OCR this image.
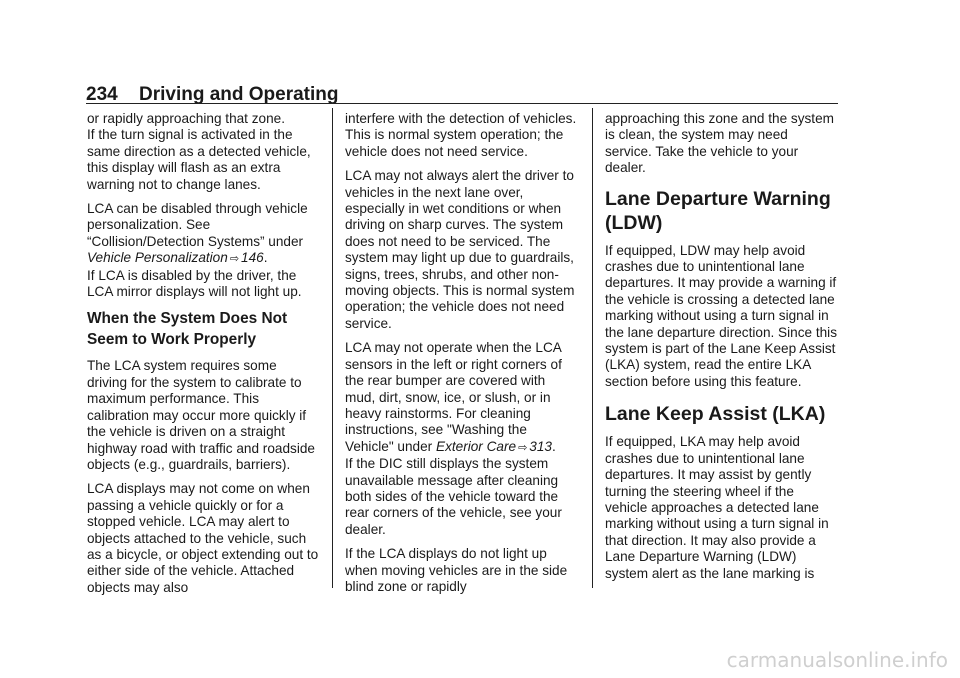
234 Driving and Operating

or rapidly approaching that zone.

If the turn signal is activated in the same direction as a detected vehicle, this display will flash as an extra warning not to change lanes.

LCA can be disabled through vehicle personalization. See “Collision/Detection Systems” under
Vehicle Personalization ⇨ 146.

If LCA is disabled by the driver, the LCA mirror displays will not light up.

When the System Does Not Seem to Work Properly

The LCA system requires some driving for the system to calibrate to maximum performance. This calibration may occur more quickly if the vehicle is driven on a straight highway road with traffic and roadside objects (e.g., guardrails, barriers).

LCA displays may not come on when passing a vehicle quickly or for a stopped vehicle. LCA may alert to objects attached to the vehicle, such as a bicycle, or object extending out to either side of the vehicle. Attached objects may also

interfere with the detection of vehicles. This is normal system operation; the vehicle does not need service.

LCA may not always alert the driver to vehicles in the next lane over, especially in wet conditions or when driving on sharp curves. The system does not need to be serviced. The system may light up due to guardrails, signs, trees, shrubs, and other non-moving objects. This is normal system operation; the vehicle does not need service.

LCA may not operate when the LCA sensors in the left or right corners of the rear bumper are covered with mud, dirt, snow, ice, or slush, or in heavy rainstorms. For cleaning instructions, see "Washing the Vehicle" under Exterior Care ⇨ 313.

If the DIC still displays the system unavailable message after cleaning both sides of the vehicle toward the rear corners of the vehicle, see your dealer.

If the LCA displays do not light up when moving vehicles are in the side blind zone or rapidly

approaching this zone and the system is clean, the system may need service. Take the vehicle to your dealer.

Lane Departure Warning (LDW)

If equipped, LDW may help avoid crashes due to unintentional lane departures. It may provide a warning if the vehicle is crossing a detected lane marking without using a turn signal in the lane departure direction. Since this system is part of the Lane Keep Assist (LKA) system, read the entire LKA section before using this feature.

Lane Keep Assist (LKA)

If equipped, LKA may help avoid crashes due to unintentional lane departures. It may assist by gently turning the steering wheel if the vehicle approaches a detected lane marking without using a turn signal in that direction. It may also provide a Lane Departure Warning (LDW) system alert as the lane marking is

carmanualsonline.info
